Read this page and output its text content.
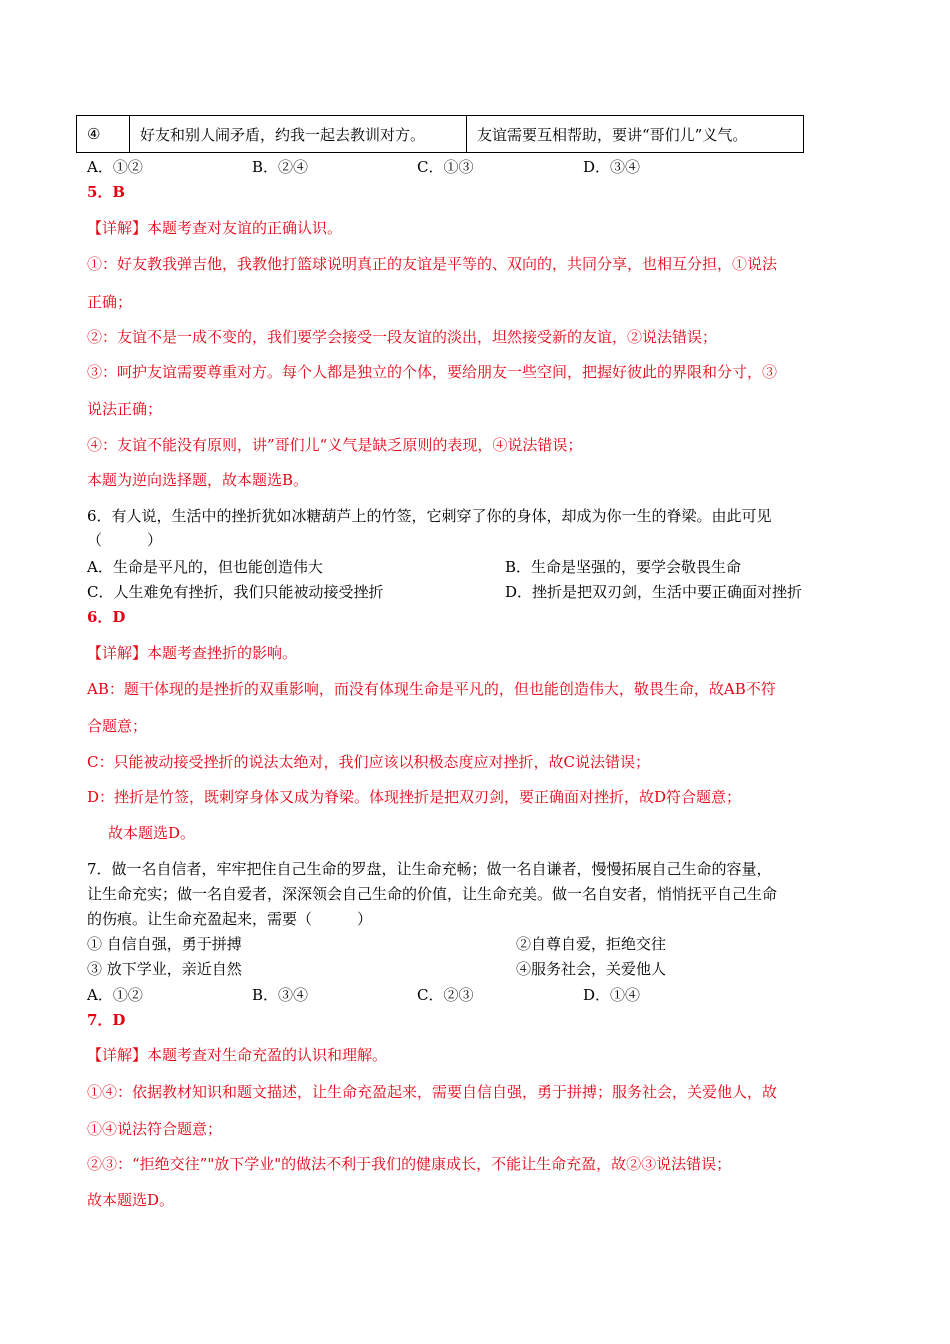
④	好友和别人闹矛盾，约我一起去教训对方。	友谊需要互相帮助，要讲“哥们儿”义气。
A．①②	B．②④	C．①③	D．③④
5．B
【详解】本题考查对友谊的正确认识。
①：好友教我弹吉他，我教他打篮球说明真正的友谊是平等的、双向的，共同分享，也相互分担，①说法
正确；
②：友谊不是一成不变的，我们要学会接受一段友谊的淡出，坦然接受新的友谊，②说法错误；
③：呵护友谊需要尊重对方。每个人都是独立的个体，要给朋友一些空间，把握好彼此的界限和分寸，③
说法正确；
④：友谊不能没有原则，讲”哥们儿“义气是缺乏原则的表现，④说法错误；
本题为逆向选择题，故本题选B。
6．有人说，生活中的挫折犹如冰糖葫芦上的竹签，它刺穿了你的身体，却成为你一生的脊梁。由此可见
（　　　）
A．生命是平凡的，但也能创造伟大	B．生命是坚强的，要学会敬畏生命
C．人生难免有挫折，我们只能被动接受挫折	D．挫折是把双刃剑，生活中要正确面对挫折
6．D
【详解】本题考查挫折的影响。
AB：题干体现的是挫折的双重影响，而没有体现生命是平凡的，但也能创造伟大，敬畏生命，故AB不符
合题意；
C：只能被动接受挫折的说法太绝对，我们应该以积极态度应对挫折，故C说法错误；
D：挫折是竹签，既刺穿身体又成为脊梁。体现挫折是把双刃剑，要正确面对挫折，故D符合题意；
故本题选D。
7．做一名自信者，牢牢把住自己生命的罗盘，让生命充畅；做一名自谦者，慢慢拓展自己生命的容量，
让生命充实；做一名自爱者，深深领会自己生命的价值，让生命充美。做一名自安者，悄悄抚平自己生命
的伤痕。让生命充盈起来，需要（　　　）
① 自信自强，勇于拼搏	②自尊自爱，拒绝交往
③ 放下学业，亲近自然	④服务社会，关爱他人
A．①②	B．③④	C．②③	D．①④
7．D
【详解】本题考查对生命充盈的认识和理解。
①④：依据教材知识和题文描述，让生命充盈起来，需要自信自强，勇于拼搏；服务社会，关爱他人，故
①④说法符合题意；
②③：“拒绝交往”"放下学业"的做法不利于我们的健康成长，不能让生命充盈，故②③说法错误；
故本题选D。
